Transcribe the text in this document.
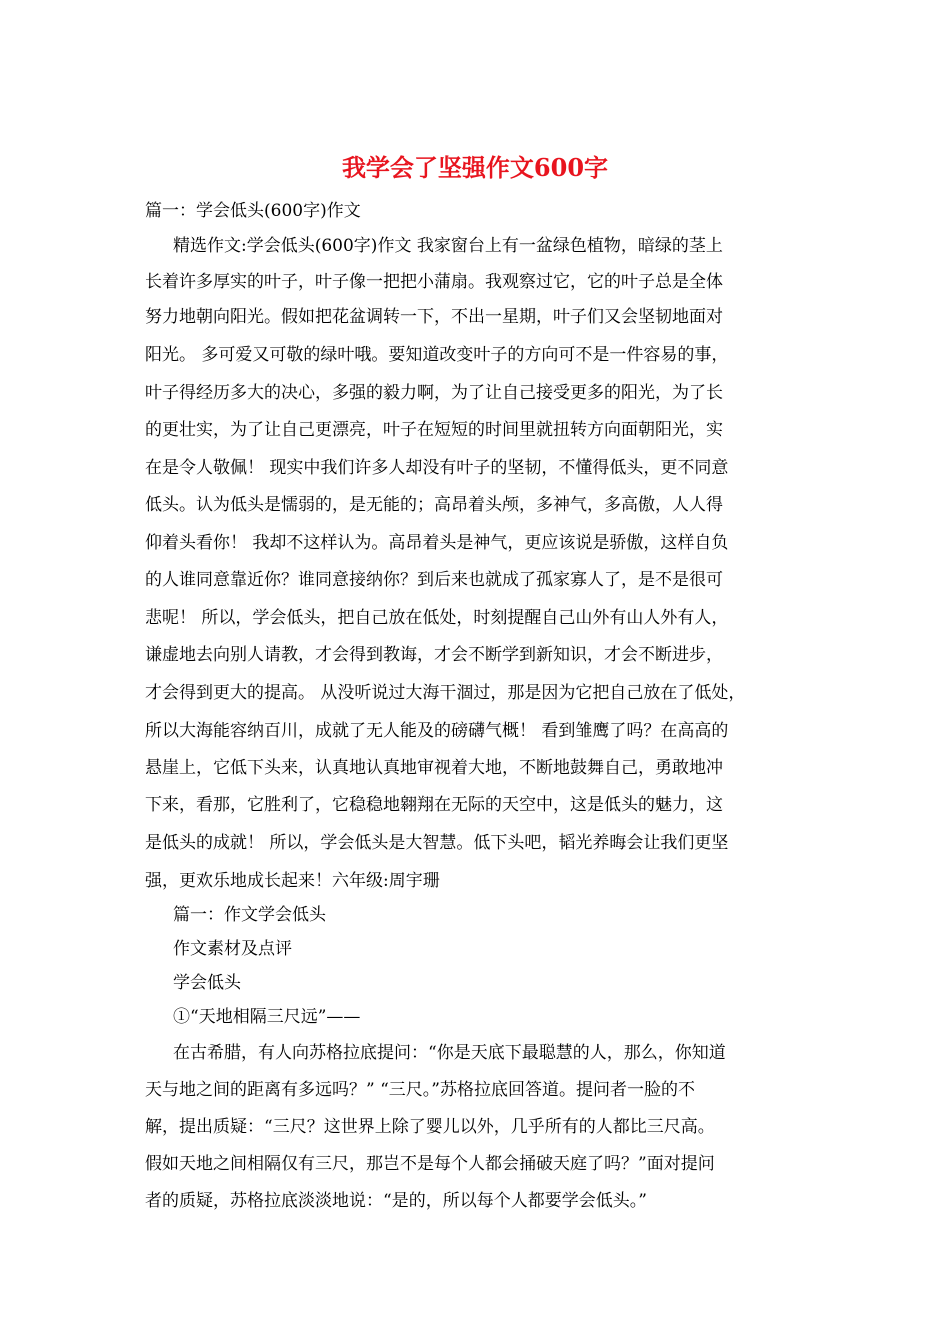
我学会了坚强作文600字

篇一：学会低头(600字)作文

精选作文:学会低头(600字)作文 我家窗台上有一盆绿色植物，暗绿的茎上

长着许多厚实的叶子，叶子像一把把小蒲扇。我观察过它，它的叶子总是全体

努力地朝向阳光。假如把花盆调转一下，不出一星期，叶子们又会坚韧地面对

阳光。 多可爱又可敬的绿叶哦。要知道改变叶子的方向可不是一件容易的事，

叶子得经历多大的决心，多强的毅力啊，为了让自己接受更多的阳光，为了长

的更壮实，为了让自己更漂亮，叶子在短短的时间里就扭转方向面朝阳光，实

在是令人敬佩！ 现实中我们许多人却没有叶子的坚韧，不懂得低头，更不同意

低头。认为低头是懦弱的，是无能的；高昂着头颅，多神气，多高傲，人人得

仰着头看你！ 我却不这样认为。高昂着头是神气，更应该说是骄傲，这样自负

的人谁同意靠近你？谁同意接纳你？到后来也就成了孤家寡人了，是不是很可

悲呢！ 所以，学会低头，把自己放在低处，时刻提醒自己山外有山人外有人，

谦虚地去向别人请教，才会得到教诲，才会不断学到新知识，才会不断进步，

才会得到更大的提高。 从没听说过大海干涸过，那是因为它把自己放在了低处，

所以大海能容纳百川，成就了无人能及的磅礴气概！ 看到雏鹰了吗？在高高的

悬崖上，它低下头来，认真地认真地审视着大地，不断地鼓舞自己，勇敢地冲

下来，看那，它胜利了，它稳稳地翱翔在无际的天空中，这是低头的魅力，这

是低头的成就！ 所以，学会低头是大智慧。低下头吧，韬光养晦会让我们更坚

强，更欢乐地成长起来！六年级:周宇珊

篇一：作文学会低头

作文素材及点评

学会低头

①“天地相隔三尺远”——

在古希腊，有人向苏格拉底提问：“你是天底下最聪慧的人，那么，你知道

天与地之间的距离有多远吗？” “三尺。”苏格拉底回答道。提问者一脸的不

解，提出质疑：“三尺？这世界上除了婴儿以外，几乎所有的人都比三尺高。

假如天地之间相隔仅有三尺，那岂不是每个人都会捅破天庭了吗？”面对提问

者的质疑，苏格拉底淡淡地说：“是的，所以每个人都要学会低头。”
